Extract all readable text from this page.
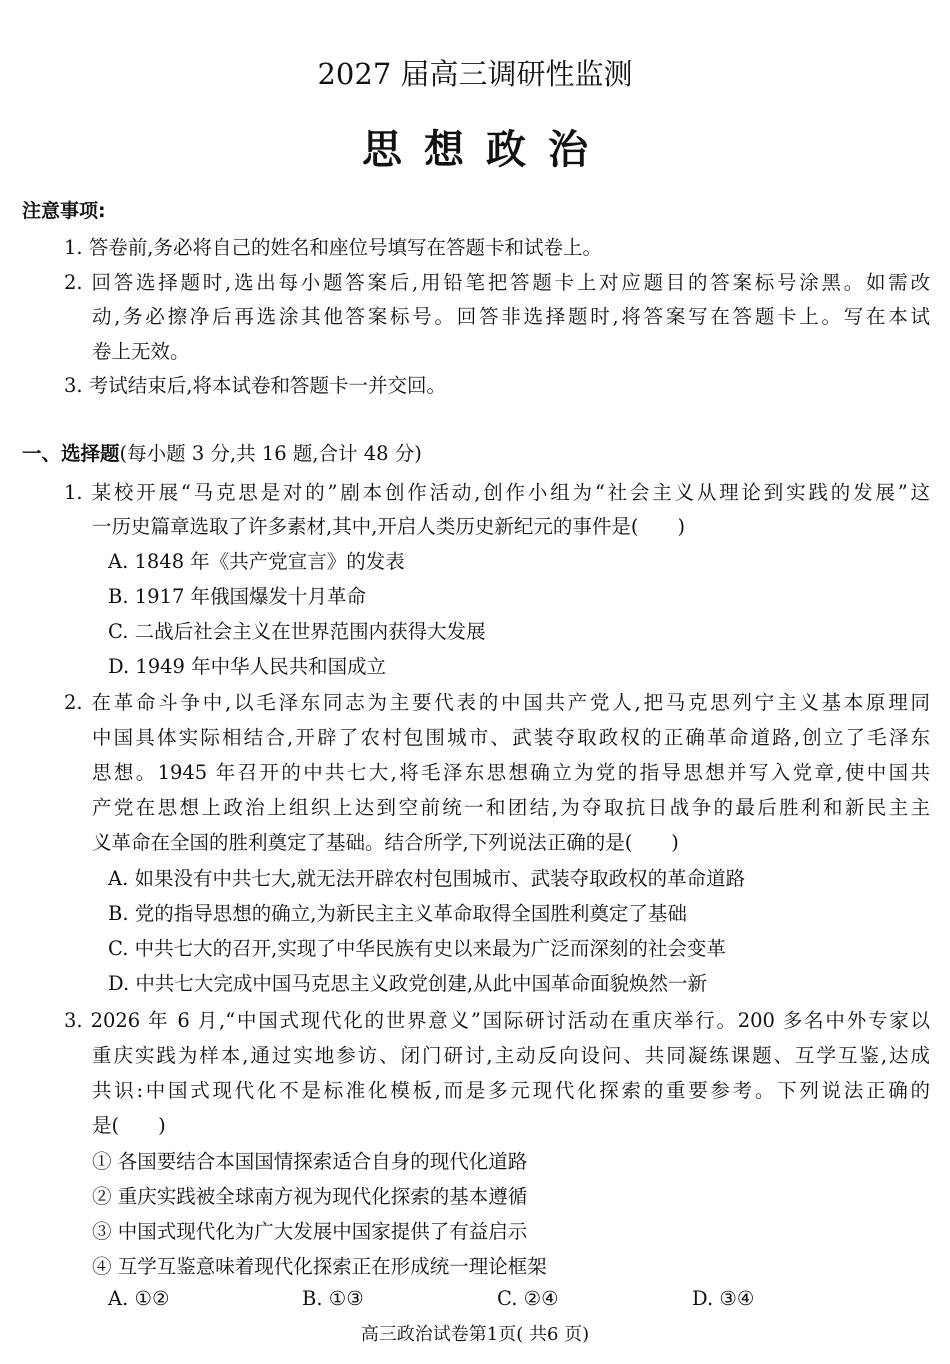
2027 届高三调研性监测
思想政治
注意事项:
1. 答卷前,务必将自己的姓名和座位号填写在答题卡和试卷上。
2. 回答选择题时,选出每小题答案后,用铅笔把答题卡上对应题目的答案标号涂黑。如需改
动,务必擦净后再选涂其他答案标号。回答非选择题时,将答案写在答题卡上。写在本试
卷上无效。
3. 考试结束后,将本试卷和答题卡一并交回。
一、选择题(每小题 3 分,共 16 题,合计 48 分)
1. 某校开展“马克思是对的”剧本创作活动,创作小组为“社会主义从理论到实践的发展”这
一历史篇章选取了许多素材,其中,开启人类历史新纪元的事件是(　　)
A. 1848 年《共产党宣言》的发表
B. 1917 年俄国爆发十月革命
C. 二战后社会主义在世界范围内获得大发展
D. 1949 年中华人民共和国成立
2. 在革命斗争中,以毛泽东同志为主要代表的中国共产党人,把马克思列宁主义基本原理同
中国具体实际相结合,开辟了农村包围城市、武装夺取政权的正确革命道路,创立了毛泽东
思想。1945 年召开的中共七大,将毛泽东思想确立为党的指导思想并写入党章,使中国共
产党在思想上政治上组织上达到空前统一和团结,为夺取抗日战争的最后胜利和新民主主
义革命在全国的胜利奠定了基础。结合所学,下列说法正确的是(　　)
A. 如果没有中共七大,就无法开辟农村包围城市、武装夺取政权的革命道路
B. 党的指导思想的确立,为新民主主义革命取得全国胜利奠定了基础
C. 中共七大的召开,实现了中华民族有史以来最为广泛而深刻的社会变革
D. 中共七大完成中国马克思主义政党创建,从此中国革命面貌焕然一新
3. 2026 年 6 月,“中国式现代化的世界意义”国际研讨活动在重庆举行。200 多名中外专家以
重庆实践为样本,通过实地参访、闭门研讨,主动反向设问、共同凝练课题、互学互鉴,达成
共识:中国式现代化不是标准化模板,而是多元现代化探索的重要参考。下列说法正确的
是(　　)
① 各国要结合本国国情探索适合自身的现代化道路
② 重庆实践被全球南方视为现代化探索的基本遵循
③ 中国式现代化为广大发展中国家提供了有益启示
④ 互学互鉴意味着现代化探索正在形成统一理论框架
A. ①②	B. ①③	C. ②④	D. ③④
高三政治试卷第1页( 共6 页)
